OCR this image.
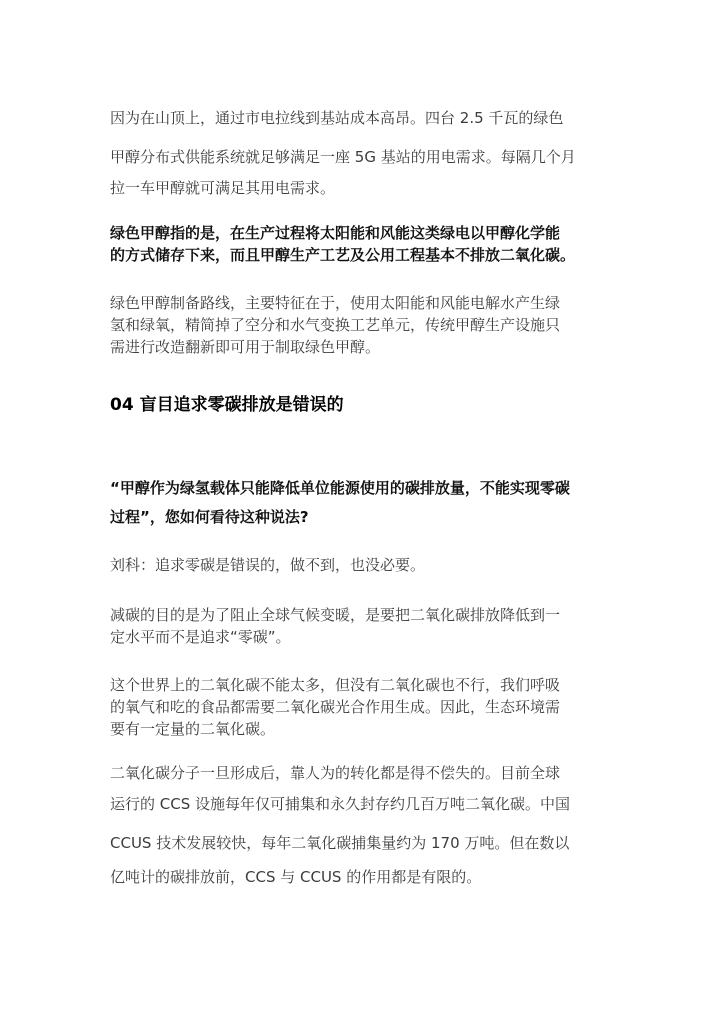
因为在山顶上，通过市电拉线到基站成本高昂。四台 2.5 千瓦的绿色
甲醇分布式供能系统就足够满足一座 5G 基站的用电需求。每隔几个月
拉一车甲醇就可满足其用电需求。
绿色甲醇指的是，在生产过程将太阳能和风能这类绿电以甲醇化学能
的方式储存下来，而且甲醇生产工艺及公用工程基本不排放二氧化碳。
绿色甲醇制备路线，主要特征在于，使用太阳能和风能电解水产生绿
氢和绿氧，精简掉了空分和水气变换工艺单元，传统甲醇生产设施只
需进行改造翻新即可用于制取绿色甲醇。
04 盲目追求零碳排放是错误的
“甲醇作为绿氢载体只能降低单位能源使用的碳排放量，不能实现零碳
过程”，您如何看待这种说法?
刘科：追求零碳是错误的，做不到，也没必要。
减碳的目的是为了阻止全球气候变暖，是要把二氧化碳排放降低到一
定水平而不是追求“零碳”。
这个世界上的二氧化碳不能太多，但没有二氧化碳也不行，我们呼吸
的氧气和吃的食品都需要二氧化碳光合作用生成。因此，生态环境需
要有一定量的二氧化碳。
二氧化碳分子一旦形成后，靠人为的转化都是得不偿失的。目前全球
运行的 CCS 设施每年仅可捕集和永久封存约几百万吨二氧化碳。中国
CCUS 技术发展较快，每年二氧化碳捕集量约为 170 万吨。但在数以
亿吨计的碳排放前，CCS 与 CCUS 的作用都是有限的。
